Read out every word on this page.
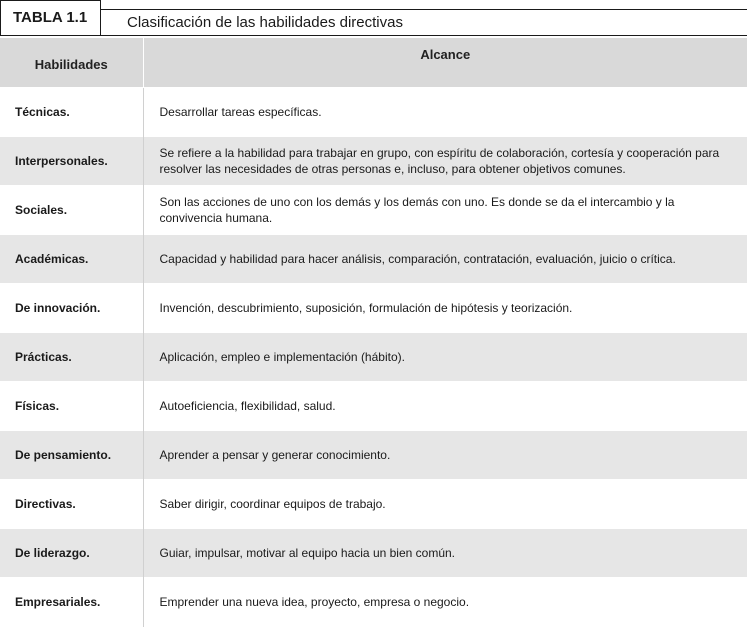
TABLA 1.1	Clasificación de las habilidades directivas
Habilidades	Alcance
Técnicas.	Desarrollar tareas específicas.
Interpersonales.	Se refiere a la habilidad para trabajar en grupo, con espíritu de colaboración, cortesía y cooperación para resolver las necesidades de otras personas e, incluso, para obtener objetivos comunes.
Sociales.	Son las acciones de uno con los demás y los demás con uno. Es donde se da el intercambio y la convivencia humana.
Académicas.	Capacidad y habilidad para hacer análisis, comparación, contratación, evaluación, juicio o crítica.
De innovación.	Invención, descubrimiento, suposición, formulación de hipótesis y teorización.
Prácticas.	Aplicación, empleo e implementación (hábito).
Físicas.	Autoeficiencia, flexibilidad, salud.
De pensamiento.	Aprender a pensar y generar conocimiento.
Directivas.	Saber dirigir, coordinar equipos de trabajo.
De liderazgo.	Guiar, impulsar, motivar al equipo hacia un bien común.
Empresariales.	Emprender una nueva idea, proyecto, empresa o negocio.
